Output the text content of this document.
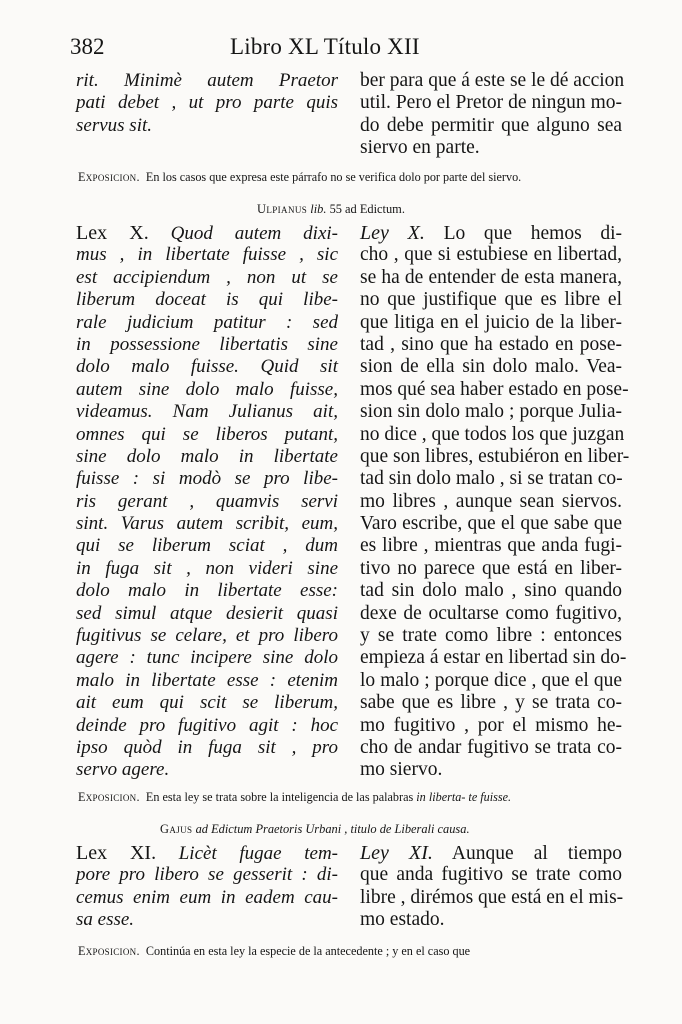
382	Libro XL Título XII
rit. Minimè autem Praetor
pati debet , ut pro parte quis
servus sit.
ber para que á este se le dé accion
util. Pero el Pretor de ningun mo-
do debe permitir que alguno sea
siervo en parte.
Exposicion. En los casos que expresa este párrafo no se verifica dolo por parte del siervo.
Ulpianus lib. 55 ad Edictum.
Lex X. Quod autem dixi-
mus , in libertate fuisse , sic
est accipiendum , non ut se
liberum doceat is qui libe-
rale judicium patitur : sed
in possessione libertatis sine
dolo malo fuisse. Quid sit
autem sine dolo malo fuisse,
videamus. Nam Julianus ait,
omnes qui se liberos putant,
sine dolo malo in libertate
fuisse : si modò se pro libe-
ris gerant , quamvis servi
sint. Varus autem scribit, eum,
qui se liberum sciat , dum
in fuga sit , non videri sine
dolo malo in libertate esse:
sed simul atque desierit quasi
fugitivus se celare, et pro libero
agere : tunc incipere sine dolo
malo in libertate esse : etenim
ait eum qui scit se liberum,
deinde pro fugitivo agit : hoc
ipso quòd in fuga sit , pro
servo agere.
Ley X. Lo que hemos di-
cho , que si estubiese en libertad,
se ha de entender de esta manera,
no que justifique que es libre el
que litiga en el juicio de la liber-
tad , sino que ha estado en pose-
sion de ella sin dolo malo. Vea-
mos qué sea haber estado en pose-
sion sin dolo malo ; porque Julia-
no dice , que todos los que juzgan
que son libres, estubiéron en liber-
tad sin dolo malo , si se tratan co-
mo libres , aunque sean siervos.
Varo escribe, que el que sabe que
es libre , mientras que anda fugi-
tivo no parece que está en liber-
tad sin dolo malo , sino quando
dexe de ocultarse como fugitivo,
y se trate como libre : entonces
empieza á estar en libertad sin do-
lo malo ; porque dice , que el que
sabe que es libre , y se trata co-
mo fugitivo , por el mismo he-
cho de andar fugitivo se trata co-
mo siervo.
Exposicion. En esta ley se trata sobre la inteligencia de las palabras in liberta- te fuisse.
Gajus ad Edictum Praetoris Urbani , titulo de Liberali causa.
Lex XI. Licèt fugae tem-
pore pro libero se gesserit : di-
cemus enim eum in eadem cau-
sa esse.
Ley XI. Aunque al tiempo
que anda fugitivo se trate como
libre , dirémos que está en el mis-
mo estado.
Exposicion. Continúa en esta ley la especie de la antecedente ; y en el caso que
